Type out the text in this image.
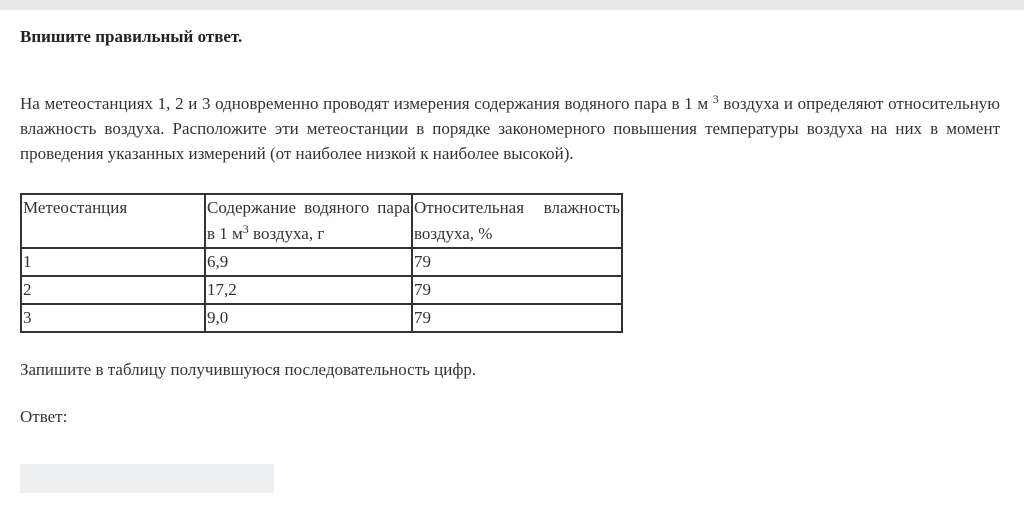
Впишите правильный ответ.

На метеостанциях 1, 2 и 3 одновременно проводят измерения содержания водяного пара в 1 м $^3$ воздуха и определяют относительную влажность воздуха. Расположите эти метеостанции в порядке закономерного повышения температуры воздуха на них в момент проведения указанных измерений (от наиболее низкой к наиболее высокой).

Метеостанция	Содержание водяного пара в 1 $м^3$ воздуха, г	Относительная влажность воздуха, %
1	6,9	79
2	17,2	79
3	9,0	79

Запишите в таблицу получившуюся последовательность цифр.

Ответ:
